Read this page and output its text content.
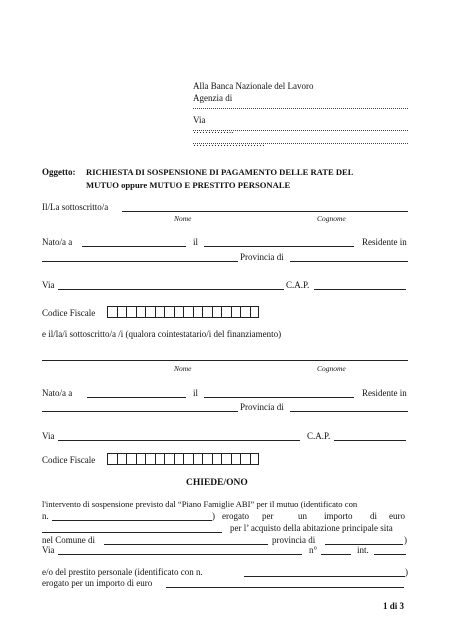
Alla Banca Nazionale del Lavoro
Agenzia di
Via
…………..
……………………
Oggetto: RICHIESTA DI SOSPENSIONE DI PAGAMENTO DELLE RATE DEL
MUTUO oppure MUTUO E PRESTITO PERSONALE
Il/La sottoscritto/a
Nome	Cognome
Nato/a a	il	Residente in
Provincia di
Via	C.A.P.
Codice Fiscale
e il/la/i sottoscritto/a /i (qualora cointestatario/i del finanziamento)
Nome	Cognome
Nato/a a	il	Residente in
Provincia di
Via	C.A.P.
Codice Fiscale
CHIEDE/ONO
l'intervento di sospensione previsto dal “Piano Famiglie ABI” per il mutuo (identificato con
n.	) erogato per	un importo di euro
per l’ acquisto della abitazione principale sita
nel Comune di	provincia di	)
Via	n°	int.
e/o del prestito personale (identificato con n.	)
erogato per un importo di euro
1 di 3
